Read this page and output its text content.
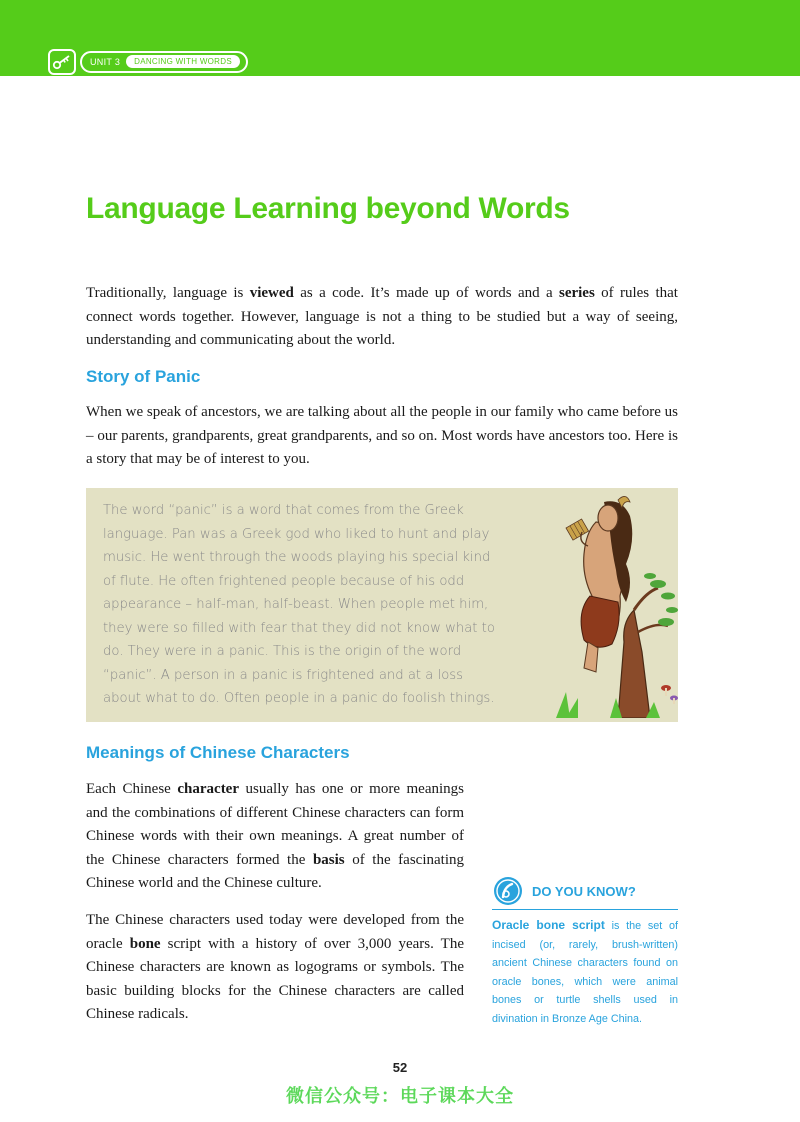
UNIT 3	DANCING WITH WORDS
Language Learning beyond Words

Traditionally, language is viewed as a code. It’s made up of words and a series of rules that connect words together. However, language is not a thing to be studied but a way of seeing, understanding and communicating about the world.

Story of Panic

When we speak of ancestors, we are talking about all the people in our family who came before us – our parents, grandparents, great grandparents, and so on. Most words have ancestors too. Here is a story that may be of interest to you.

The word “panic” is a word that comes from the Greek language. Pan was a Greek god who liked to hunt and play music. He went through the woods playing his special kind of flute. He often frightened people because of his odd appearance – half-man, half-beast. When people met him, they were so filled with fear that they did not know what to do. They were in a panic. This is the origin of the word “panic”. A person in a panic is frightened and at a loss about what to do. Often people in a panic do foolish things.

Meanings of Chinese Characters

Each Chinese character usually has one or more meanings and the combinations of different Chinese characters can form Chinese words with their own meanings. A great number of the Chinese characters formed the basis of the fascinating Chinese world and the Chinese culture.

The Chinese characters used today were developed from the oracle bone script with a history of over 3,000 years. The Chinese characters are known as logograms or symbols. The basic building blocks for the Chinese characters are called Chinese radicals.

DO YOU KNOW?

Oracle bone script is the set of incised (or, rarely, brush-written) ancient Chinese characters found on oracle bones, which were animal bones or turtle shells used in divination in Bronze Age China.

52
微信公众号：电子课本大全
